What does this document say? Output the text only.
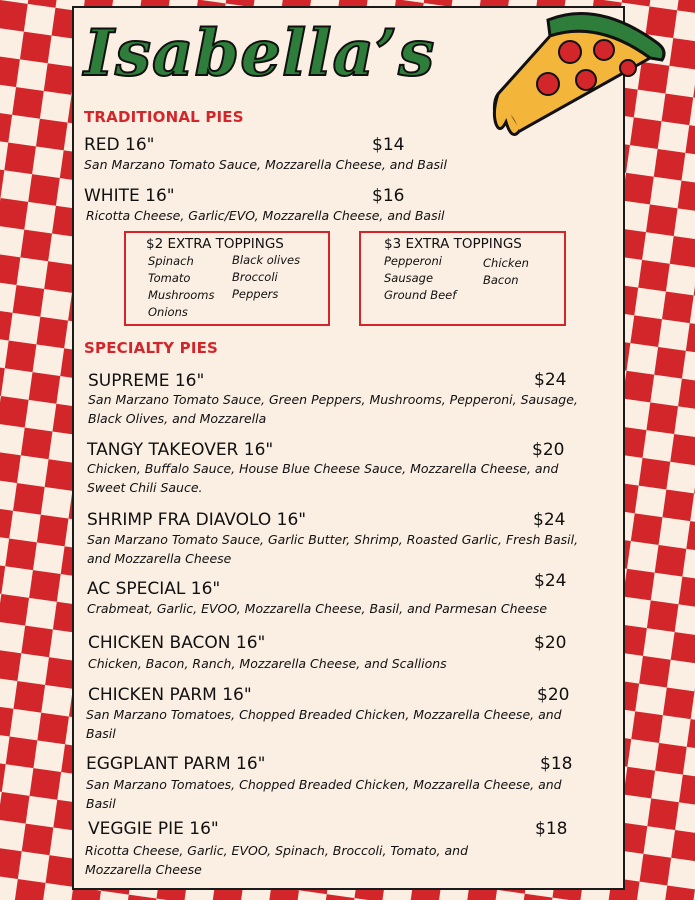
Isabella’s
TRADITIONAL PIES
RED 16"	$14
San Marzano Tomato Sauce, Mozzarella Cheese, and Basil
WHITE 16"	$16
Ricotta Cheese, Garlic/EVO, Mozzarella Cheese, and Basil
$2 EXTRA TOPPINGS
Spinach
Tomato
Mushrooms
Onions
Black olives
Broccoli
Peppers
$3 EXTRA TOPPINGS
Pepperoni
Sausage
Ground Beef
Chicken
Bacon
SPECIALTY PIES
SUPREME 16"	$24
San Marzano Tomato Sauce, Green Peppers, Mushrooms, Pepperoni, Sausage, Black Olives, and Mozzarella
TANGY TAKEOVER 16"	$20
Chicken, Buffalo Sauce, House Blue Cheese Sauce, Mozzarella Cheese, and Sweet Chili Sauce.
SHRIMP FRA DIAVOLO 16"	$24
San Marzano Tomato Sauce, Garlic Butter, Shrimp, Roasted Garlic, Fresh Basil, and Mozzarella Cheese
AC SPECIAL 16"	$24
Crabmeat, Garlic, EVOO, Mozzarella Cheese, Basil, and Parmesan Cheese
CHICKEN BACON 16"	$20
Chicken, Bacon, Ranch, Mozzarella Cheese, and Scallions
CHICKEN PARM 16"	$20
San Marzano Tomatoes, Chopped Breaded Chicken, Mozzarella Cheese, and Basil
EGGPLANT PARM 16"	$18
San Marzano Tomatoes, Chopped Breaded Chicken, Mozzarella Cheese, and Basil
VEGGIE PIE 16"	$18
Ricotta Cheese, Garlic, EVOO, Spinach, Broccoli, Tomato, and Mozzarella Cheese
